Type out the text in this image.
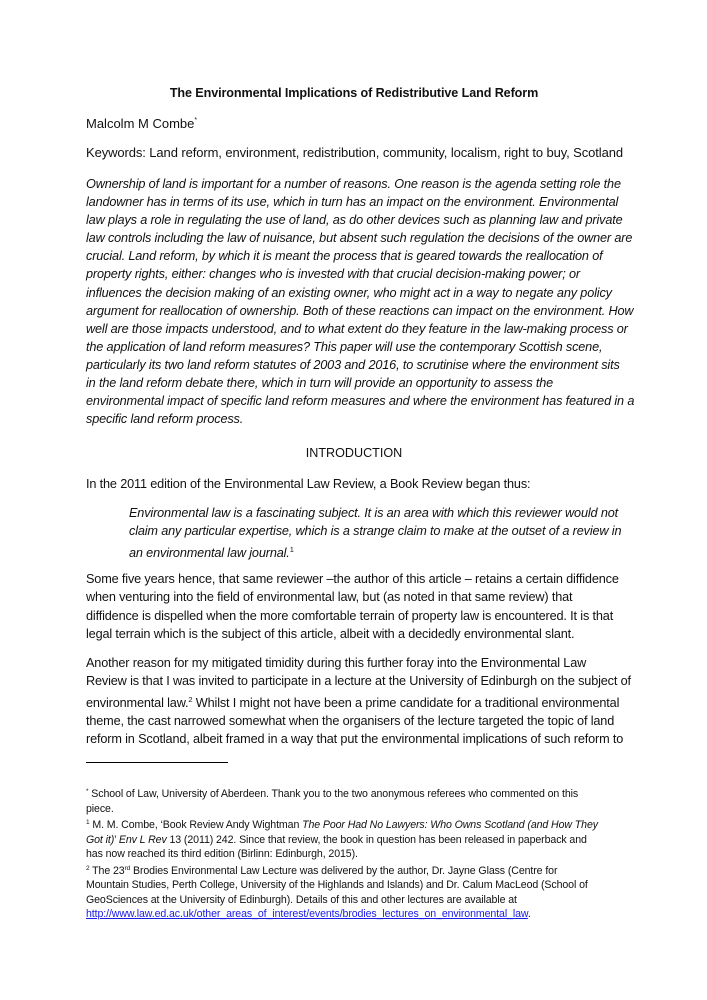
The Environmental Implications of Redistributive Land Reform
Malcolm M Combe*
Keywords: Land reform, environment, redistribution, community, localism, right to buy, Scotland
Ownership of land is important for a number of reasons. One reason is the agenda setting role the
landowner has in terms of its use, which in turn has an impact on the environment. Environmental
law plays a role in regulating the use of land, as do other devices such as planning law and private
law controls including the law of nuisance, but absent such regulation the decisions of the owner are
crucial. Land reform, by which it is meant the process that is geared towards the reallocation of
property rights, either: changes who is invested with that crucial decision-making power; or
influences the decision making of an existing owner, who might act in a way to negate any policy
argument for reallocation of ownership. Both of these reactions can impact on the environment. How
well are those impacts understood, and to what extent do they feature in the law-making process or
the application of land reform measures? This paper will use the contemporary Scottish scene,
particularly its two land reform statutes of 2003 and 2016, to scrutinise where the environment sits
in the land reform debate there, which in turn will provide an opportunity to assess the
environmental impact of specific land reform measures and where the environment has featured in a
specific land reform process.
INTRODUCTION
In the 2011 edition of the Environmental Law Review, a Book Review began thus:
Environmental law is a fascinating subject. It is an area with which this reviewer would not
claim any particular expertise, which is a strange claim to make at the outset of a review in
an environmental law journal.$^1$
Some five years hence, that same reviewer –the author of this article – retains a certain diffidence
when venturing into the field of environmental law, but (as noted in that same review) that
diffidence is dispelled when the more comfortable terrain of property law is encountered. It is that
legal terrain which is the subject of this article, albeit with a decidedly environmental slant.
Another reason for my mitigated timidity during this further foray into the Environmental Law
Review is that I was invited to participate in a lecture at the University of Edinburgh on the subject of
environmental law.$^2$ Whilst I might not have been a prime candidate for a traditional environmental
theme, the cast narrowed somewhat when the organisers of the lecture targeted the topic of land
reform in Scotland, albeit framed in a way that put the environmental implications of such reform to
* School of Law, University of Aberdeen. Thank you to the two anonymous referees who commented on this
piece.
$^1$ M. M. Combe, ‘Book Review Andy Wightman The Poor Had No Lawyers: Who Owns Scotland (and How They
Got it)’ Env L Rev 13 (2011) 242. Since that review, the book in question has been released in paperback and
has now reached its third edition (Birlinn: Edinburgh, 2015).
$^2$ The 23rd Brodies Environmental Law Lecture was delivered by the author, Dr. Jayne Glass (Centre for
Mountain Studies, Perth College, University of the Highlands and Islands) and Dr. Calum MacLeod (School of
GeoSciences at the University of Edinburgh). Details of this and other lectures are available at
http://www.law.ed.ac.uk/other_areas_of_interest/events/brodies_lectures_on_environmental_law.
